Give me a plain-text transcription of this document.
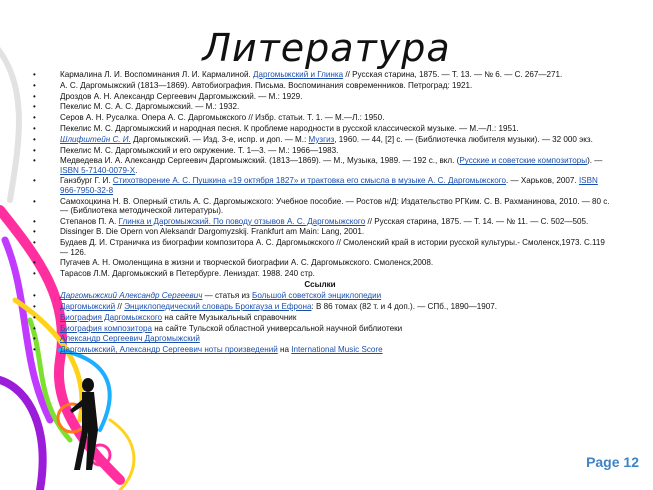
Литература
• Кармалина Л. И. Воспоминания Л. И. Кармалиной. Даргомыжский и Глинка // Русская старина, 1875. — Т. 13. — № 6. — С. 267—271.
• А. С. Даргомыжский (1813—1869). Автобиография. Письма. Воспоминания современников. Петроград: 1921.
• Дроздов А. Н. Александр Сергеевич Даргомыжский. — М.: 1929.
• Пекелис М. С. А. С. Даргомыжский. — М.: 1932.
• Серов А. Н. Русалка. Опера А. С. Даргомыжского // Избр. статьи. Т. 1. — М.—Л.: 1950.
• Пекелис М. С. Даргомыжский и народная песня. К проблеме народности в русской классической музыке. — М.—Л.: 1951.
• Шлифштейн С. И. Даргомыжский. — Изд. 3-е, испр. и доп. — М.: Музгиз, 1960. — 44, [2] с. — (Библиотечка любителя музыки). — 32 000 экз.
• Пекелис М. С. Даргомыжский и его окружение. Т. 1—3. — М.: 1966—1983.
• Медведева И. А. Александр Сергеевич Даргомыжский. (1813—1869). — М., Музыка, 1989. — 192 с., вкл. (Русские и советские композиторы). — ISBN 5-7140-0079-X.
• Ганзбург Г. И. Стихотворение А. С. Пушкина «19 октября 1827» и трактовка его смысла в музыке А. С. Даргомыжского. — Харьков, 2007. ISBN 966-7950-32-8
• Самохоцкина Н. В. Оперный стиль А. С. Даргомыжского: Учебное пособие. — Ростов н/Д: Издательство РГКим. С. В. Рахманинова, 2010. — 80 с. — (Библиотека методической литературы).
• Степанов П. А. Глинка и Даргомыжский. По поводу отзывов А. С. Даргомыжского // Русская старина, 1875. — Т. 14. — № 11. — С. 502—505.
• Dissinger B. Die Opern von Aleksandr Dargomyzskij. Frankfurt am Main: Lang, 2001.
• Будаев Д. И. Страничка из биографии композитора А. С. Даргомыжского // Смоленский край в истории русской культуры.- Смоленск,1973. С.119 — 126.
• Пугачев А. Н. Омоленщина в жизни и творческой биографии А. С. Даргомыжского. Смоленск,2008.
• Тарасов Л.М. Даргомыжский в Петербурге. Лениздат. 1988. 240 стр.
Ссылки
• Даргомыжский Александр Сергеевич — статья из Большой советской энциклопедии
• Даргомыжский // Энциклопедический словарь Брокгауза и Ефрона: В 86 томах (82 т. и 4 доп.). — СПб., 1890—1907.
• Биография Даргомыжского на сайте Музыкальный справочник
• Биография композитора на сайте Тульской областной универсальной научной библиотеки
• Александр Сергеевич Даргомыжский
• Даргомыжский, Александр Сергеевич ноты произведений на International Music Score
Page 12
